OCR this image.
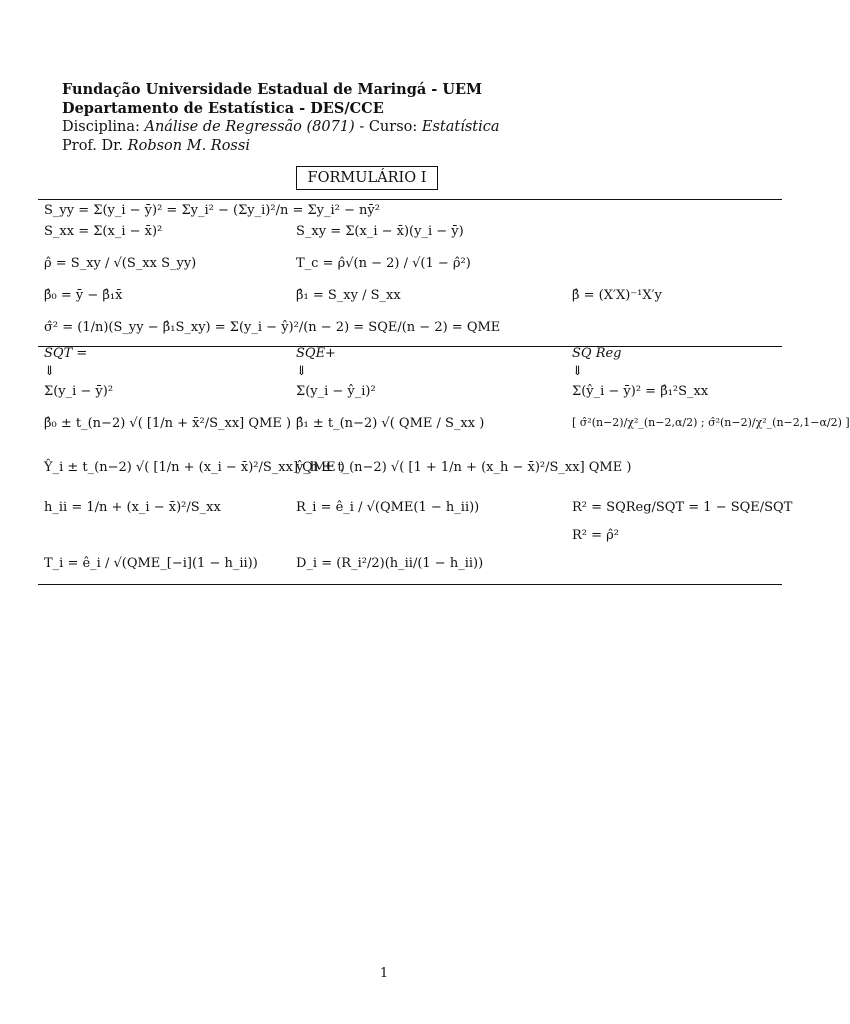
Fundação Universidade Estadual de Maringá - UEM
Departamento de Estatística - DES/CCE
Disciplina: Análise de Regressão (8071) - Curso: Estatística
Prof. Dr. Robson M. Rossi
FORMULÁRIO I
S_yy = Σ(y_i − ȳ)² = Σy_i² − (Σy_i)²/n = Σy_i² − nȳ²
S_xx = Σ(x_i − x̄)²	S_xy = Σ(x_i − x̄)(y_i − ȳ)
ρ̂ = S_xy / √(S_xx S_yy)	T_c = ρ̂√(n − 2) / √(1 − ρ̂²)
β̂₀ = ȳ − β̂₁x̄	β̂₁ = S_xy / S_xx	β̂ = (X′X)⁻¹X′y
σ̂² = (1/n)(S_yy − β̂₁S_xy) = Σ(y_i − ŷ)²/(n − 2) = SQE/(n − 2) = QME
SQT =	SQE+	SQ Reg
⇓	⇓	⇓
Σ(y_i − ȳ)²	Σ(y_i − ŷ_i)²	Σ(ŷ_i − ȳ)² = β̂₁²S_xx
β̂₀ ± t_(n−2) √( [1/n + x̄²/S_xx] QME ) β̂₁ ± t_(n−2) √( QME / S_xx )	[ σ̂²(n−2)/χ²_(n−2,α/2) ; σ̂²(n−2)/χ²_(n−2,1−α/2) ]
Ŷ_i ± t_(n−2) √( [1/n + (x_i − x̄)²/S_xx] QME )
ŷ_h ± t_(n−2) √( [1 + 1/n + (x_h − x̄)²/S_xx] QME )
h_ii = 1/n + (x_i − x̄)²/S_xx	R_i = ê_i / √(QME(1 − h_ii))	R² = SQReg/SQT = 1 − SQE/SQT
R² = ρ̂²
T_i = ê_i / √(QME_[−i](1 − h_ii))	D_i = (R_i²/2)(h_ii/(1 − h_ii))
1
